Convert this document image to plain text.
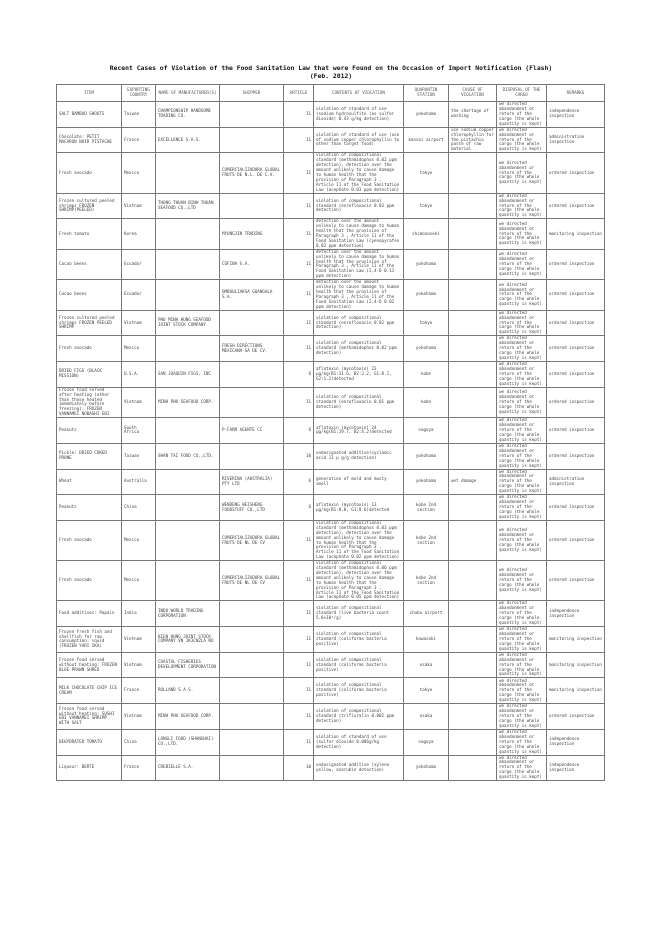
Recent Cases of Violation of the Food Sanitation Law that were Found on the Occasion of Import Notification (Flash)
(Feb. 2012)
ITEM	EXPORTING COUNTRY	NAME OF MANUFACTURER(S)	SHIPPER	ARTICLE	CONTENTS OF VIOLATION	QUARANTIN STATION	CAUSE OF VIOLATION	DISPOSAL OF THE CARGO	REMARKS
SALT BAMBOO SHOOTS	Taiwan	CHAMPIONSHIP HANDSOME TRADING CO.		11	violation of standard of use (sodium hydrosulfite (as sulfer dioxide) 0.43 g/kg detection)	yokohama	the shortage of washing	we directed abandonment or return of the cargo (the whole quantity is kept)	independence inspection
Chocolate: PETIT MACARON NOIR PISTACHE	France	EXCELLENCE S.A.S.		11	violation of standard of use (use of sodium copper chlorophyllin to other than target food)	kansai airport	use sodium copper chlorophyllin for the pistachio paste of raw material	we directed abandonment or return of the cargo (the whole quantity is kept)	administration inspection
Fresh avocado	Mexico		COMERCIALIZADORA GLOBAL FRUTS DE N.L. DE C.V.	11	violation of compositional standard (methamidophos 0.02 ppm detection), detection over the amount unlikely to cause damage to human health that the provision of Paragraph 3 , Article 11 of the Food Sanitation Law (acephate 0.03 ppm detection)	tokyo		we directed abandonment or return of the cargo (the whole quantity is kept)	ordered inspection
Frozen cultured peeled shrimps FROZEN SHRIMP(PEELED)	Vietnam	THONG THUAN BINH THUAN SEAFOOD CO.,LTD		11	violation of compositional standard (enrofloxacin 0.03 ppm detection)	tokyo		we directed abandonment or return of the cargo (the whole quantity is kept)	ordered inspection
Fresh tomato	Korea		MYUNGJIN TRADING	11	detection over the amount unlikely to cause damage to human health that the provision of Paragraph 3 , Article 11 of the Food Sanitation Law (cyenopyrafen 0.02 ppm detection)	shimonoseki		we directed abandonment or return of the cargo (the whole quantity is kept)	monitoring inspection
Cacao beens	Ecuador		COFINA S.A.	11	detection over the amount unlikely to cause damage to human health that the provision of Paragraph 3 , Article 11 of the Food Sanitation Law (2,4-D 0.13 ppm detection)	yokohama		we directed abandonment or return of the cargo (the whole quantity is kept)	ordered inspection
Cacao beens	Ecuador		OMBOULIAKSA GUANGALA S.A.	11	detection over the amount unlikely to cause damage to human health that the provision of Paragraph 3 , Article 11 of the Food Sanitation Law (2,4-D 0.02 ppm detection)	yokohama		we directed abandonment or return of the cargo (the whole quantity is kept)	ordered inspection
Frozen cultured peeled shrimps FROZEN PEELED SHRIMP	Vietnam	PHU MINH HUNG SEAFOOD JOINT STOCK COMPANY		11	violation of compositional standard (enrofloxacin 0.02 ppm detection)	tokyo		we directed abandonment or return of the cargo (the whole quantity is kept)	ordered inspection
Fresh avocado	Mexico		FRESH DIRECTIONS MEXICANA SA DE CV.	11	violation of compositional standard (methamidophos 0.02 ppm detection)	yokohama		we directed abandonment or return of the cargo (the whole quantity is kept)	ordered inspection
DRIED FIGS (BLACK MISSION)	U.S.A.	SAN JOAQUIN FIGS, INC		6	aflatoxin (mycotoxin) 23 μg/kg(B1:11.6, B2:2.2, G1:8.1, G2:1.2)detected	kobe		we directed abandonment or return of the cargo (the whole quantity is kept)	ordered inspection
Frozen food served after heating (other than those heated immediately before freezing): FROZEN VANNAMEI NOBASHI EBI	Vietnam	MINH PHU SEAFOOD CORP.		11	violation of compositional standard (enrofloxacin 0.01 ppm detection)	kobe		we directed abandonment or return of the cargo (the whole quantity is kept)	ordered inspection
Peanuts	South Africa		P-FARM AGENTE CC	6	aflatoxin (mycotoxin) 24 μg/kg(B1:19.7, B2:4.2)detected	nagoya		we directed abandonment or return of the cargo (the whole quantity is kept)	ordered inspection
Pickle: DRIED CUKED PRUNE	Taiwan	SHAN TAI FOOD CO.,LTD.		10	undesignated additive(cyclamic acid 11 μ g/g detection)	yokohama		we directed abandonment or return of the cargo (the whole quantity is kept)	ordered inspection
Wheat	Australia		RIVERINA (AUSTRALIA) PTY LTD	6	generation of mold and musty smell	yokohama	wet damage	we directed abandonment or return of the cargo (the whole quantity is kept)	administration inspection
Peanuts	China		WENDENG WEISHENG FOODSTUFF CO.,LTD	6	aflatoxin (mycotoxin) 13 μg/kg(B1:8.8, G1:8.6)detected	kobe 2nd section		we directed abandonment or return of the cargo (the whole quantity is kept)	ordered inspection
Fresh avocado	Mexico		COMERCIALIZADORA GLOBAL FRUTS DE NL DE CV	11	violation of compositional standard (methamidophos 0.03 ppm detection), detection over the amount unlikely to cause damage to human health that the provision of Paragraph 3 , Article 11 of the Food Sanitation Law (acephate 0.02 ppm detection)	kobe 2nd section		we directed abandonment or return of the cargo (the whole quantity is kept)	ordered inspection
Fresh avocado	Mexico		COMERCIALIZADORA GLOBAL FRUTS DE NL DE CV	11	violation of compositional standard (methamidophos 0.06 ppm detection), detection over the amount unlikely to cause damage to human health that the provision of Paragraph 3 , Article 11 of the Food Sanitation Law (acephate 0.05 ppm detection)	kobe 2nd section		we directed abandonment or return of the cargo (the whole quantity is kept)	ordered inspection
Food additives: Papain	India	INDO WORLD TRADING CORPORATION		11	violation of compositional standard (live bacteria count 5.0×10⁴/g)	chubu airport		we directed abandonment or return of the cargo (the whole quantity is kept)	independence inspection
Frozen fresh fish and shellfish for raw consumption: squid (FROZEN YARI IKA)	Vietnam	KIEN HUNG JOINT STOCK COMPANY VN 1K3CN2LA NO		11	violation of compositional standard (coliforms bacteria positive)	kawasaki		we directed abandonment or return of the cargo (the whole quantity is kept)	monitoring inspection
Frozen food served without heating: FROZEN BLUE PRAWN SHRED	Vietnam	COASTAL FISHERIES DEVELOPMENT CORPORATION		11	violation of compositional standard (coliforms bacteria positive)	osaka		we directed abandonment or return of the cargo (the whole quantity is kept)	monitoring inspection
MILK CHOCOLATE CHIP ICE CREAM	France	ROLLAND S.A.S.		11	violation of compositional standard (coliforms bacteria positive)	tokyo		we directed abandonment or return of the cargo (the whole quantity is kept)	monitoring inspection
Frozen food served without heating: SUSHI EBI VANNAMEI SHRIMP WITH SALT	Vietnam	MINH PHU SEAFOOD CORP.		11	violation of compositional standard (trifluralin 0.002 ppm detection)	osaka		we directed abandonment or return of the cargo (the whole quantity is kept)	ordered inspection
DEHYDRATED TOMATO	China	LONGLI FOOD (SHANGHAI) CO.,LTD.		11	violation of standard of use (sulfer dioxide 0.086g/kg detection)	nagoya		we directed abandonment or return of the cargo (the whole quantity is kept)	independence inspection
Liqueur: BERTE	France	CREBIELLE S.A.		10	undesignated additive (xylene yellow, azorubin detection)	yokohama		we directed abandonment or return of the cargo (the whole quantity is kept)	independence inspection
